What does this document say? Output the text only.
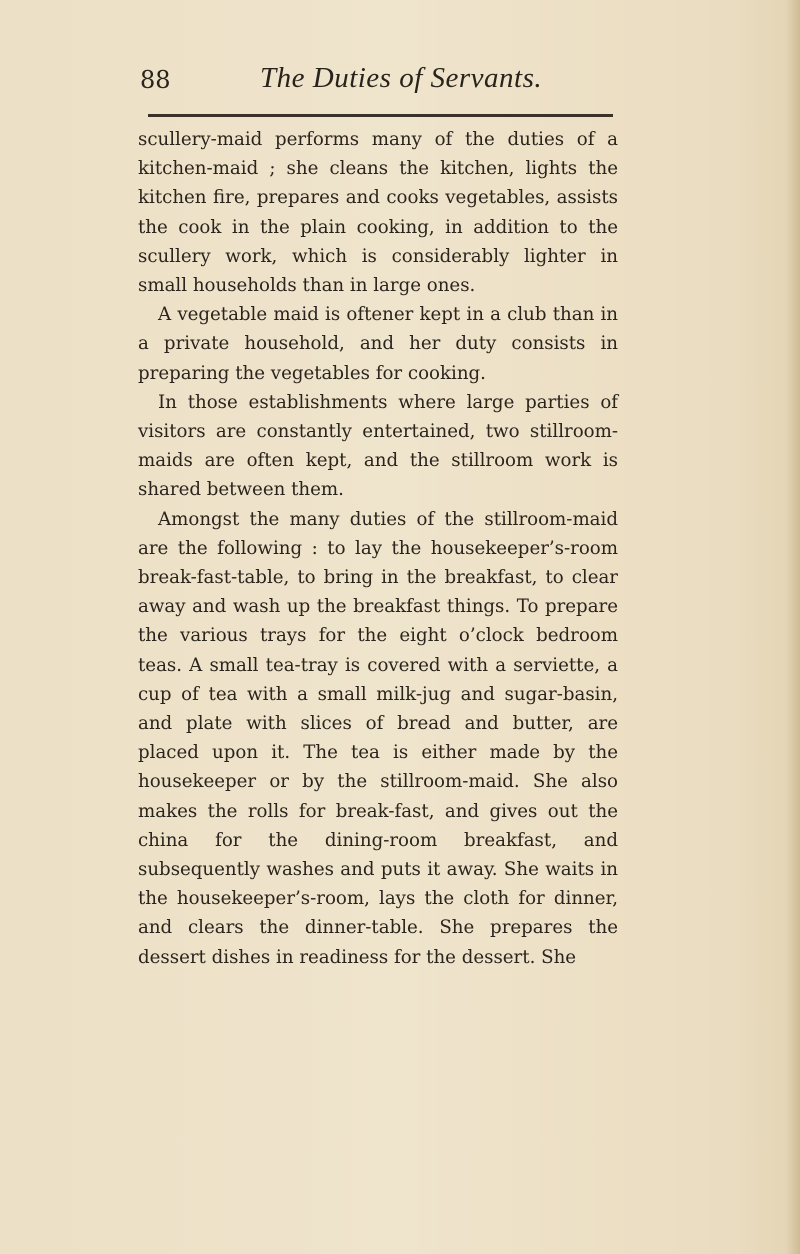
88	The Duties of Servants.

scullery-maid performs many of the duties of a kitchen-maid ; she cleans the kitchen, lights the kitchen fire, prepares and cooks vegetables, assists the cook in the plain cooking, in addition to the scullery work, which is considerably lighter in small households than in large ones.

A vegetable maid is oftener kept in a club than in a private household, and her duty consists in preparing the vegetables for cooking.

In those establishments where large parties of visitors are constantly entertained, two stillroom-maids are often kept, and the stillroom work is shared between them.

Amongst the many duties of the stillroom-maid are the following : to lay the housekeeper’s-room break-fast-table, to bring in the breakfast, to clear away and wash up the breakfast things. To prepare the various trays for the eight o’clock bedroom teas. A small tea-tray is covered with a serviette, a cup of tea with a small milk-jug and sugar-basin, and plate with slices of bread and butter, are placed upon it. The tea is either made by the housekeeper or by the stillroom-maid. She also makes the rolls for break-fast, and gives out the china for the dining-room breakfast, and subsequently washes and puts it away. She waits in the housekeeper’s-room, lays the cloth for dinner, and clears the dinner-table. She prepares the dessert dishes in readiness for the dessert. She
